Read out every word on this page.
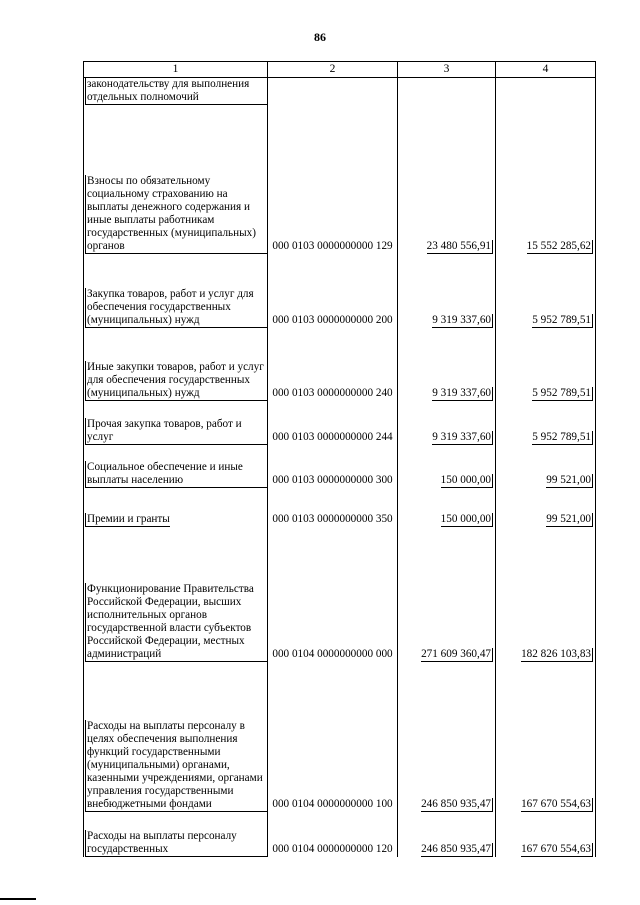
86
1	2	3	4
законодательству для выполнения отдельных полномочий			
Взносы по обязательному социальному страхованию на выплаты денежного содержания и иные выплаты работникам государственных (муниципальных) органов	000 0103 0000000000 129	23 480 556,91	15 552 285,62
Закупка товаров, работ и услуг для обеспечения государственных (муниципальных) нужд	000 0103 0000000000 200	9 319 337,60	5 952 789,51
Иные закупки товаров, работ и услуг для обеспечения государственных (муниципальных) нужд	000 0103 0000000000 240	9 319 337,60	5 952 789,51
Прочая закупка товаров, работ и услуг	000 0103 0000000000 244	9 319 337,60	5 952 789,51
Социальное обеспечение и иные выплаты населению	000 0103 0000000000 300	150 000,00	99 521,00
Премии и гранты	000 0103 0000000000 350	150 000,00	99 521,00
Функционирование Правительства Российской Федерации, высших исполнительных органов государственной власти субъектов Российской Федерации, местных администраций	000 0104 0000000000 000	271 609 360,47	182 826 103,83
Расходы на выплаты персоналу в целях обеспечения выполнения функций государственными (муниципальными) органами, казенными учреждениями, органами управления государственными внебюджетными фондами	000 0104 0000000000 100	246 850 935,47	167 670 554,63
Расходы на выплаты персоналу государственных	000 0104 0000000000 120	246 850 935,47	167 670 554,63
